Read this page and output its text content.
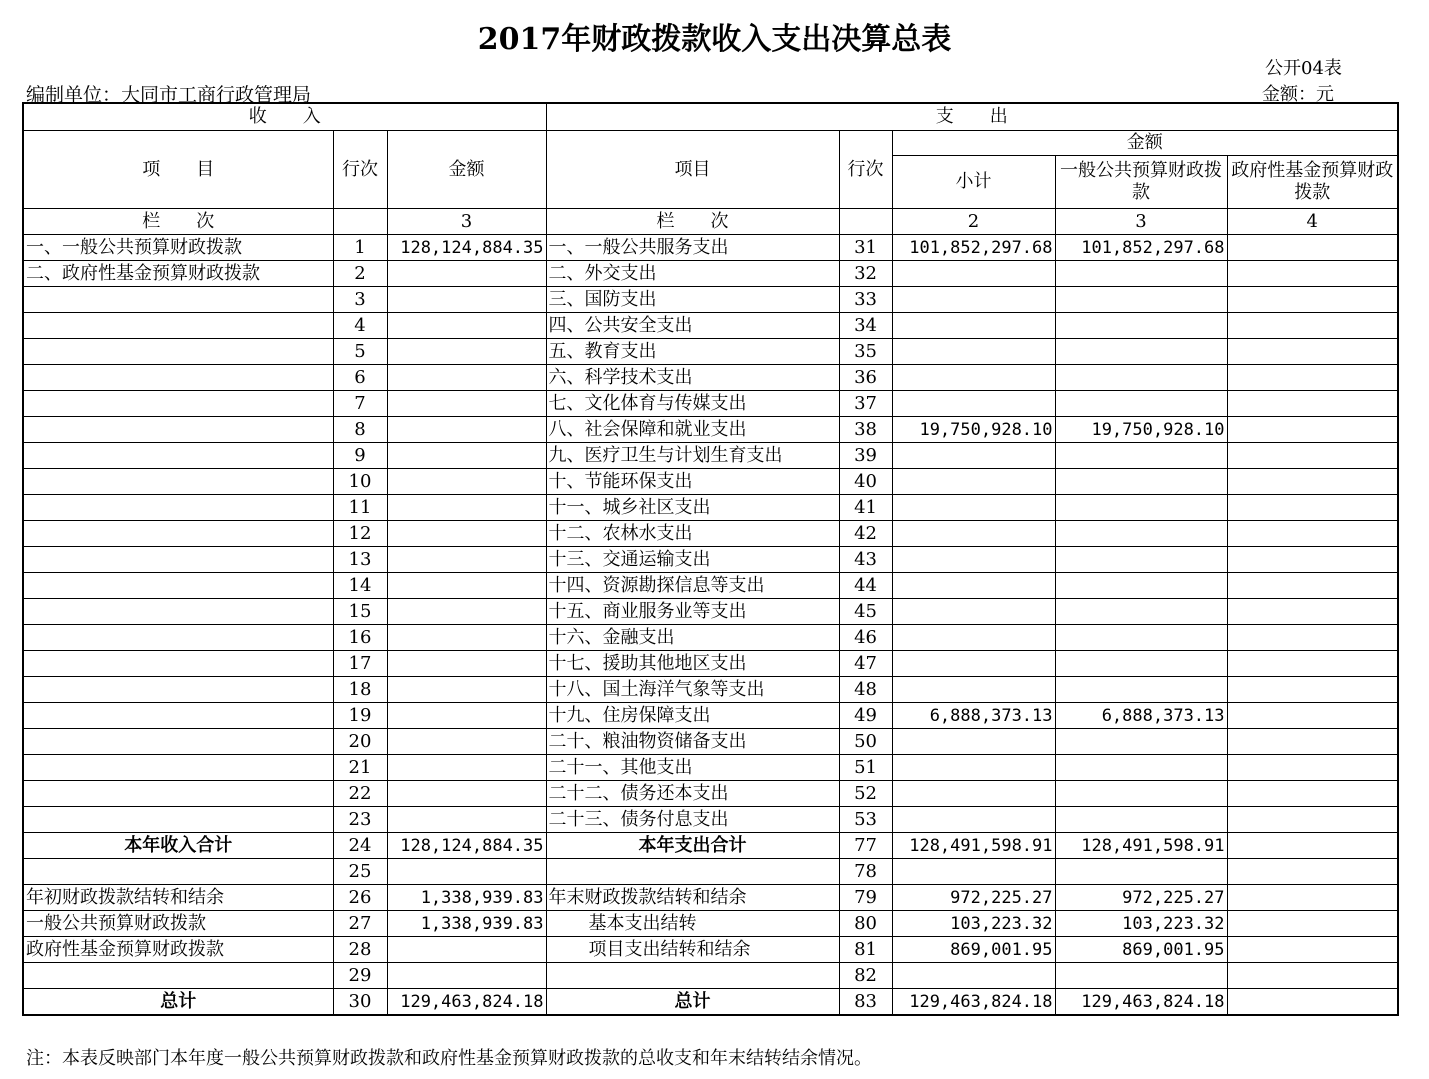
2017年财政拨款收入支出决算总表
公开04表
编制单位：大同市工商行政管理局	金额：元
收　　入			支　　出				
项　　目	行次	金额	项目	行次	金额		
					小计	一般公共预算财政拨款	政府性基金预算财政拨款
栏　　次		3	栏　　次		2	3	4
一、一般公共预算财政拨款	1	128,124,884.35	一、一般公共服务支出	31	101,852,297.68	101,852,297.68	
二、政府性基金预算财政拨款	2		二、外交支出	32			
	3		三、国防支出	33			
	4		四、公共安全支出	34			
	5		五、教育支出	35			
	6		六、科学技术支出	36			
	7		七、文化体育与传媒支出	37			
	8		八、社会保障和就业支出	38	19,750,928.10	19,750,928.10	
	9		九、医疗卫生与计划生育支出	39			
	10		十、节能环保支出	40			
	11		十一、城乡社区支出	41			
	12		十二、农林水支出	42			
	13		十三、交通运输支出	43			
	14		十四、资源勘探信息等支出	44			
	15		十五、商业服务业等支出	45			
	16		十六、金融支出	46			
	17		十七、援助其他地区支出	47			
	18		十八、国土海洋气象等支出	48			
	19		十九、住房保障支出	49	6,888,373.13	6,888,373.13	
	20		二十、粮油物资储备支出	50			
	21		二十一、其他支出	51			
	22		二十二、债务还本支出	52			
	23		二十三、债务付息支出	53			
本年收入合计	24	128,124,884.35	本年支出合计	77	128,491,598.91	128,491,598.91	
	25			78			
年初财政拨款结转和结余	26	1,338,939.83	年末财政拨款结转和结余	79	972,225.27	972,225.27	
一般公共预算财政拨款	27	1,338,939.83	基本支出结转	80	103,223.32	103,223.32	
政府性基金预算财政拨款	28		项目支出结转和结余	81	869,001.95	869,001.95	
	29			82			
总计	30	129,463,824.18	总计	83	129,463,824.18	129,463,824.18	
注：本表反映部门本年度一般公共预算财政拨款和政府性基金预算财政拨款的总收支和年末结转结余情况。
